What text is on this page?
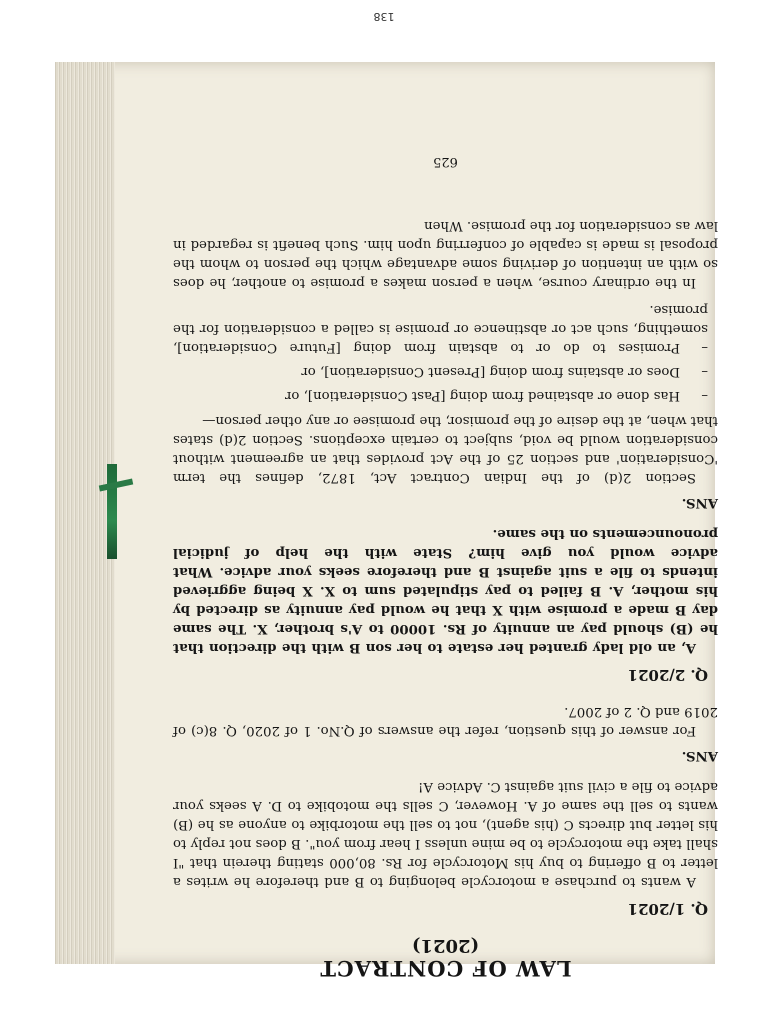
138
LAW OF CONTRACT
(2021)
Q. 1/2021

A wants to purchase a motorcycle belonging to B and therefore he writes a letter to B offering to buy his Motorcycle for Rs. 80,000 stating therein that "I shall take the motorcycle to be mine unless I hear from you". B does not reply to his letter but directs C (his agent), not to sell the motorbike to anyone as he (B) wants to sell the same of A. However, C sells the motobike to D. A seeks your advice to file a civil suit against C. Advice A!

ANS.

For answer of this question, refer the answers of Q.No. 1 of 2020, Q. 8(c) of 2019 and Q. 2 of 2007.

Q. 2/2021

A, an old lady granted her estate to her son B with the direction that he (B) should pay an annuity of Rs. 10000 to A's brother, X. The same day B made a promise with X that he would pay annuity as directed by his mother, A. B failed to pay stipulated sum to X. X being aggrieved intends to file a suit against B and therefore seeks your advice. What advice would you give him? State with the help of judicial pronouncements on the same.

ANS.

Section 2(d) of the Indian Contract Act, 1872, defines the term 'Consideration' and section 25 of the Act provides that an agreement without consideration would be void, subject to certain exceptions. Section 2(d) states that when, at the desire of the promisor, the promisee or any other person—

–Has done or abstained from doing [Past Consideration], or
–Does or abstains from doing [Present Consideration], or
–Promises to do or to abstain from doing [Future Consideration], something, such act or abstinence or promise is called a consideration for the promise.

In the ordinary course, when a person makes a promise to another, he does so with an intention of deriving some advantage which the person to whom the proposal is made is capable of conferring upon him. Such benefit is regarded in law as consideration for the promise. When

625
